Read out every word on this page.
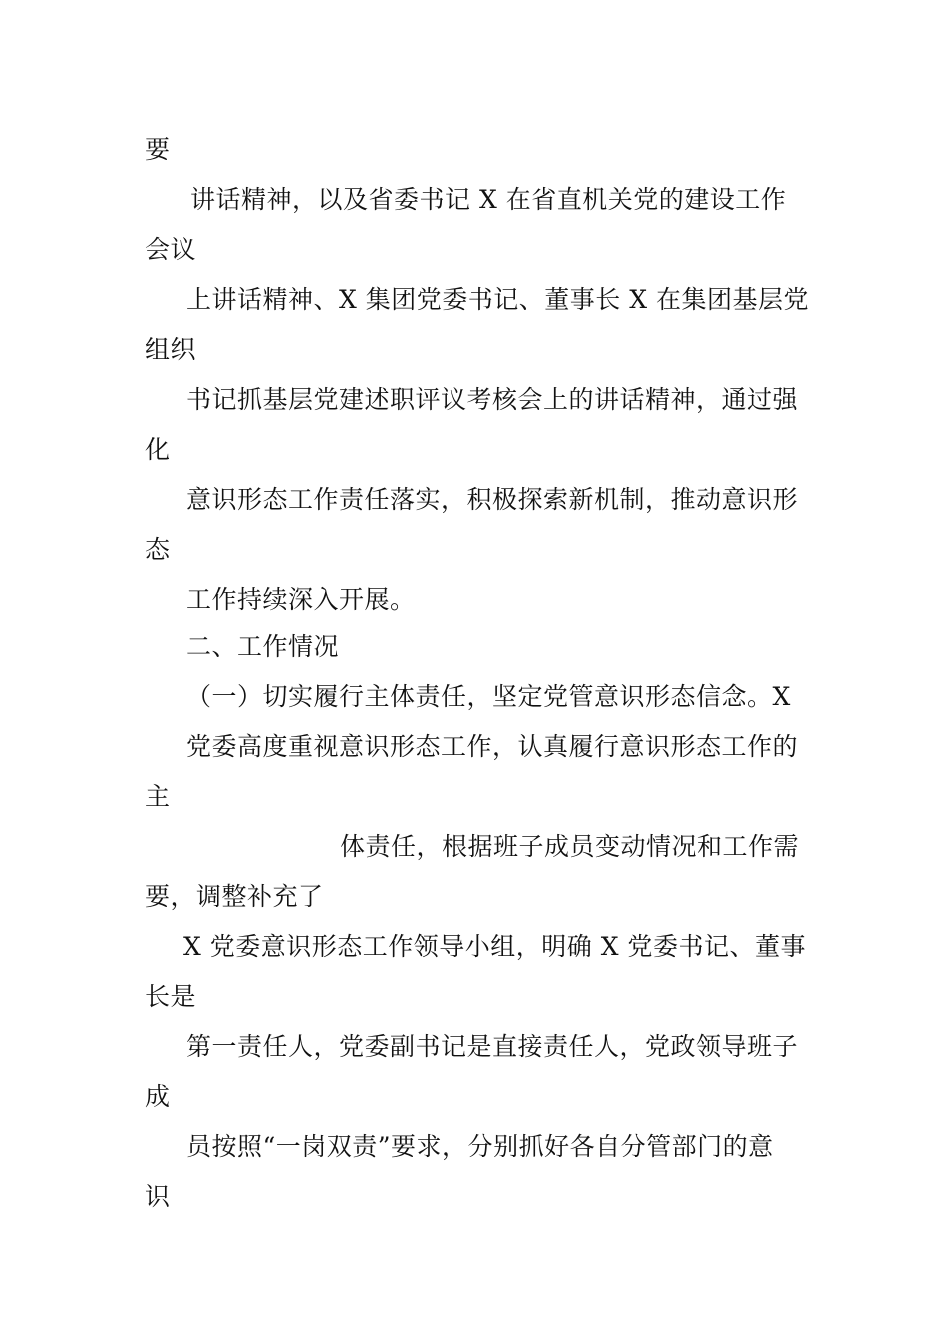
要
讲话精神，以及省委书记 X 在省直机关党的建设工作
会议
上讲话精神、X 集团党委书记、董事长 X 在集团基层党
组织
书记抓基层党建述职评议考核会上的讲话精神，通过强
化
意识形态工作责任落实，积极探索新机制，推动意识形
态
工作持续深入开展。
二、工作情况
（一）切实履行主体责任，坚定党管意识形态信念。X
党委高度重视意识形态工作，认真履行意识形态工作的
主
体责任，根据班子成员变动情况和工作需
要，调整补充了
X 党委意识形态工作领导小组，明确 X 党委书记、董事
长是
第一责任人，党委副书记是直接责任人，党政领导班子
成
员按照“一岗双责”要求，分别抓好各自分管部门的意
识
